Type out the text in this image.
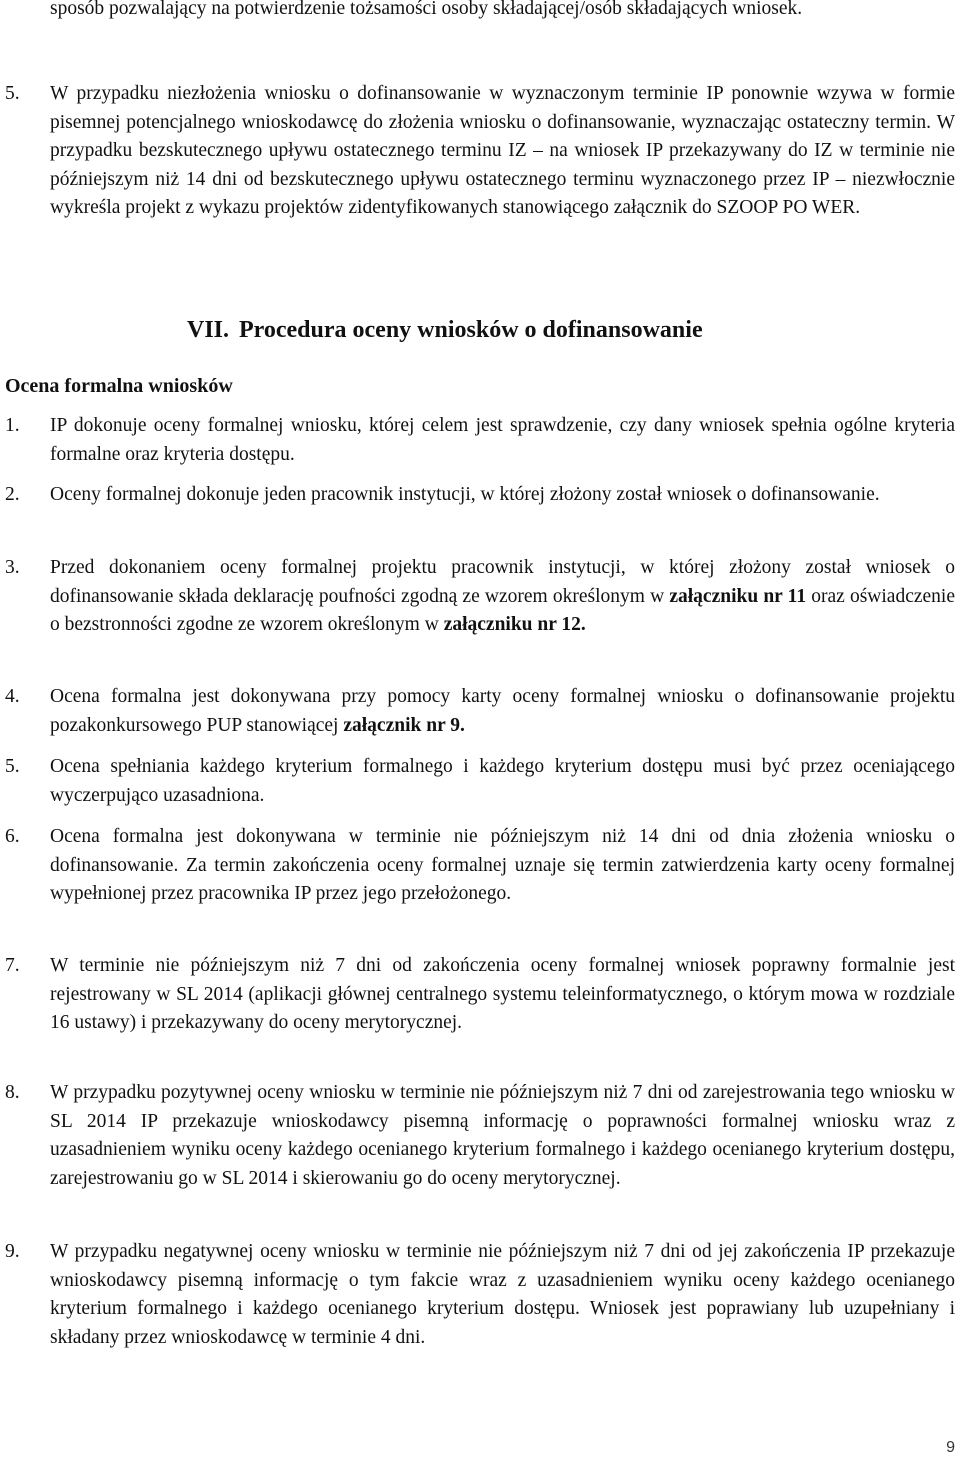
sposób pozwalający na potwierdzenie tożsamości osoby składającej/osób składających wniosek.
5. W przypadku niezłożenia wniosku o dofinansowanie w wyznaczonym terminie IP ponownie wzywa w formie pisemnej potencjalnego wnioskodawcę do złożenia wniosku o dofinansowanie, wyznaczając ostateczny termin. W przypadku bezskutecznego upływu ostatecznego terminu IZ – na wniosek IP przekazywany do IZ w terminie nie późniejszym niż 14 dni od bezskutecznego upływu ostatecznego terminu wyznaczonego przez IP – niezwłocznie wykreśla projekt z wykazu projektów zidentyfikowanych stanowiącego załącznik do SZOOP PO WER.
VII. Procedura oceny wniosków o dofinansowanie
Ocena formalna wniosków
1. IP dokonuje oceny formalnej wniosku, której celem jest sprawdzenie, czy dany wniosek spełnia ogólne kryteria formalne oraz kryteria dostępu.
2. Oceny formalnej dokonuje jeden pracownik instytucji, w której złożony został wniosek o dofinansowanie.
3. Przed dokonaniem oceny formalnej projektu pracownik instytucji, w której złożony został wniosek o dofinansowanie składa deklarację poufności zgodną ze wzorem określonym w załączniku nr 11 oraz oświadczenie o bezstronności zgodne ze wzorem określonym w załączniku nr 12.
4. Ocena formalna jest dokonywana przy pomocy karty oceny formalnej wniosku o dofinansowanie projektu pozakonkursowego PUP stanowiącej załącznik nr 9.
5. Ocena spełniania każdego kryterium formalnego i każdego kryterium dostępu musi być przez oceniającego wyczerpująco uzasadniona.
6. Ocena formalna jest dokonywana w terminie nie późniejszym niż 14 dni od dnia złożenia wniosku o dofinansowanie. Za termin zakończenia oceny formalnej uznaje się termin zatwierdzenia karty oceny formalnej wypełnionej przez pracownika IP przez jego przełożonego.
7. W terminie nie późniejszym niż 7 dni od zakończenia oceny formalnej wniosek poprawny formalnie jest rejestrowany w SL 2014 (aplikacji głównej centralnego systemu teleinformatycznego, o którym mowa w rozdziale 16 ustawy) i przekazywany do oceny merytorycznej.
8. W przypadku pozytywnej oceny wniosku w terminie nie późniejszym niż 7 dni od zarejestrowania tego wniosku w SL 2014 IP przekazuje wnioskodawcy pisemną informację o poprawności formalnej wniosku wraz z uzasadnieniem wyniku oceny każdego ocenianego kryterium formalnego i każdego ocenianego kryterium dostępu, zarejestrowaniu go w SL 2014 i skierowaniu go do oceny merytorycznej.
9. W przypadku negatywnej oceny wniosku w terminie nie późniejszym niż 7 dni od jej zakończenia IP przekazuje wnioskodawcy pisemną informację o tym fakcie wraz z uzasadnieniem wyniku oceny każdego ocenianego kryterium formalnego i każdego ocenianego kryterium dostępu. Wniosek jest poprawiany lub uzupełniany i składany przez wnioskodawcę w terminie 4 dni.
9
